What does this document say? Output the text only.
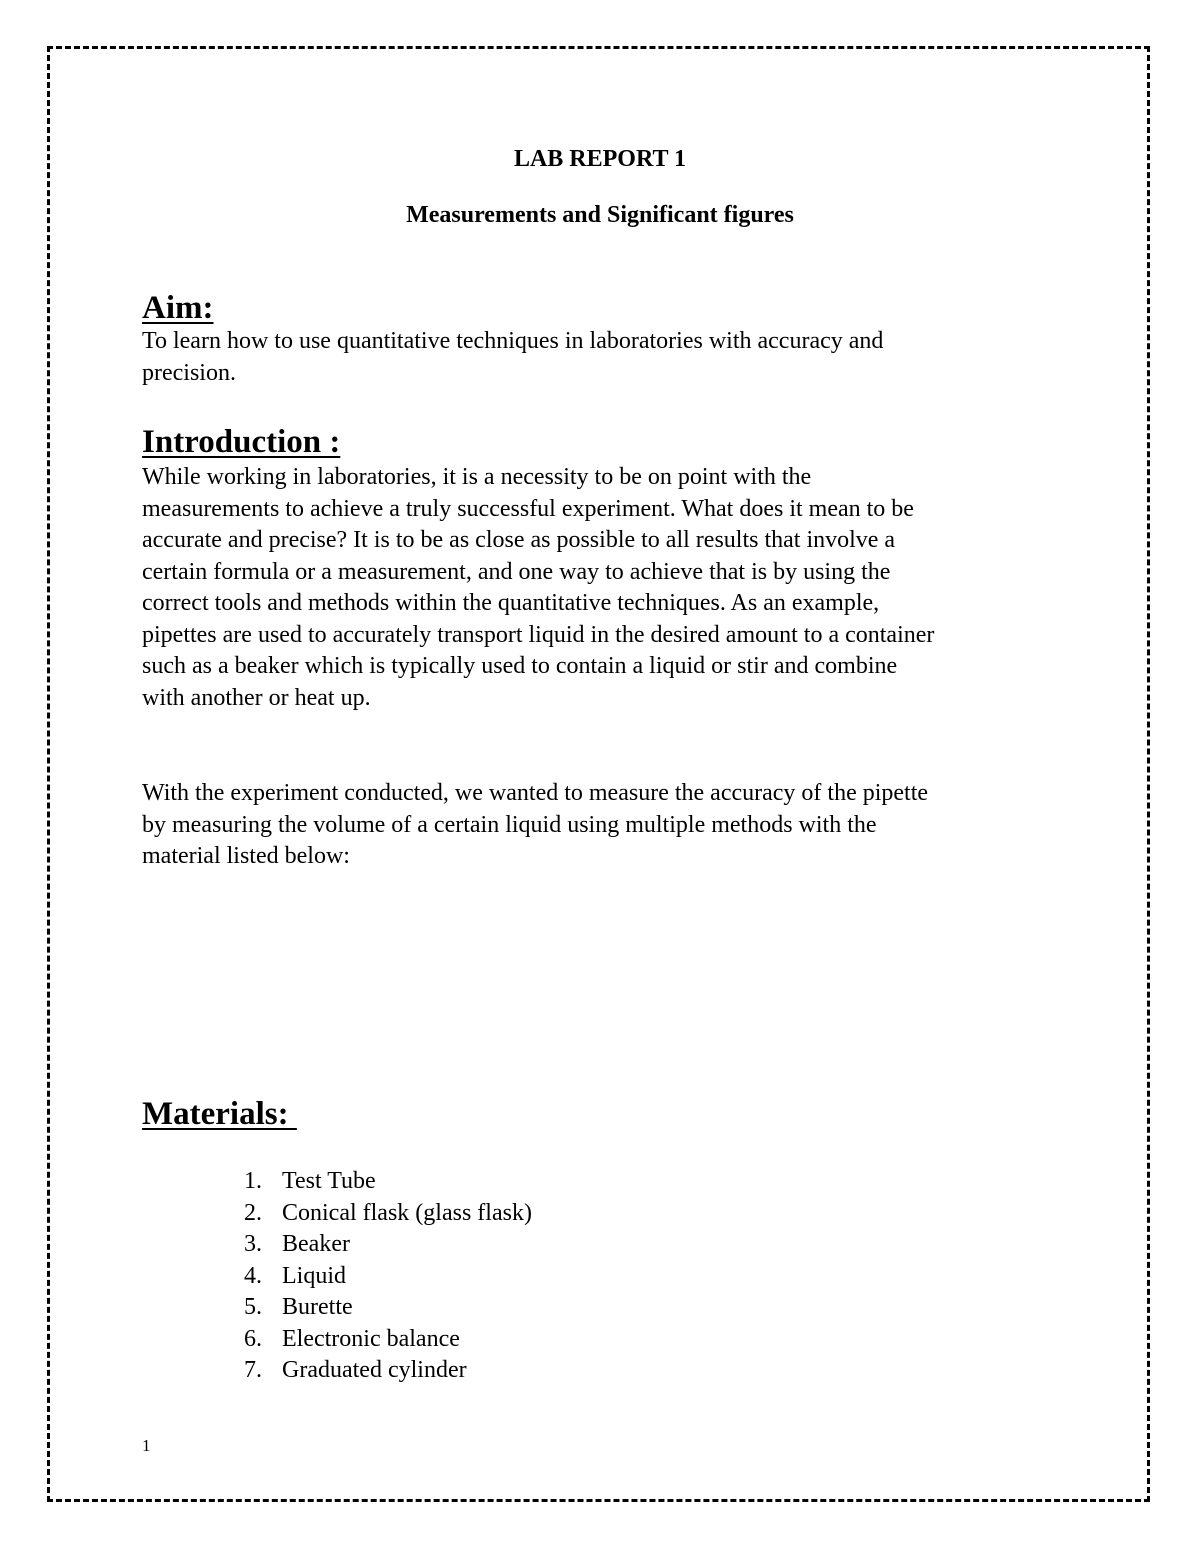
LAB REPORT 1
Measurements and Significant figures
Aim:

To learn how to use quantitative techniques in laboratories with accuracy and
precision.

Introduction :

While working in laboratories, it is a necessity to be on point with the
measurements to achieve a truly successful experiment. What does it mean to be
accurate and precise? It is to be as close as possible to all results that involve a
certain formula or a measurement, and one way to achieve that is by using the
correct tools and methods within the quantitative techniques. As an example,
pipettes are used to accurately transport liquid in the desired amount to a container
such as a beaker which is typically used to contain a liquid or stir and combine
with another or heat up.

With the experiment conducted, we wanted to measure the accuracy of the pipette
by measuring the volume of a certain liquid using multiple methods with the
material listed below:

Materials:
1. Test Tube
2. Conical flask (glass flask)
3. Beaker
4. Liquid
5. Burette
6. Electronic balance
7. Graduated cylinder
1
